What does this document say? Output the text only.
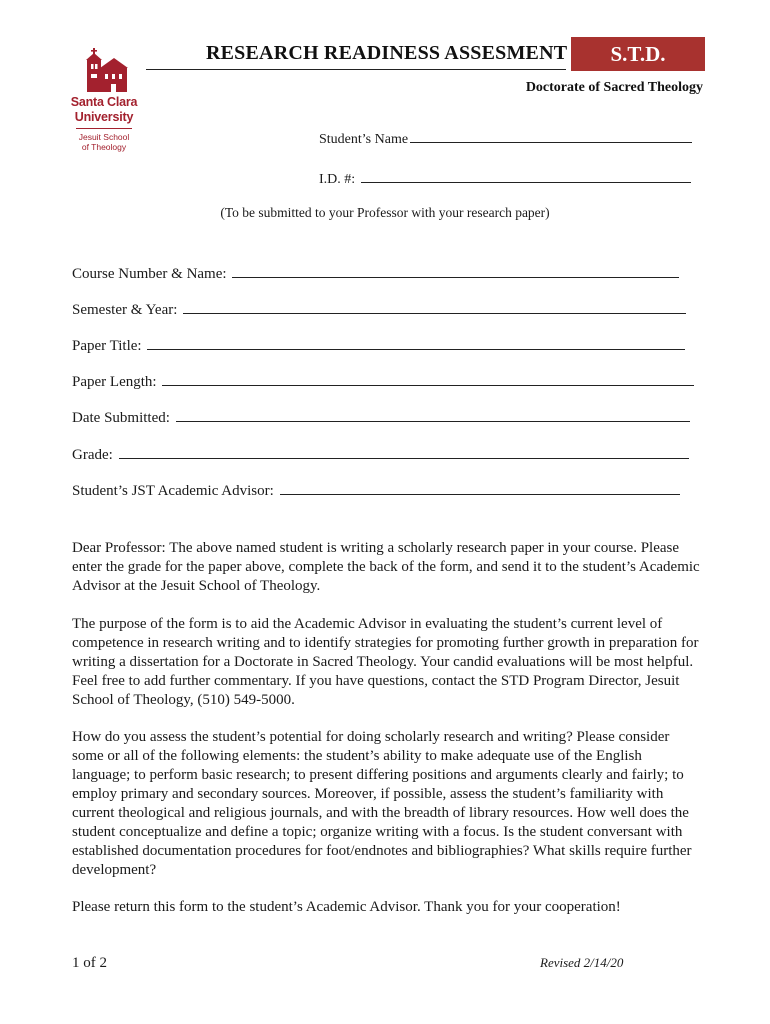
Santa Clara
University
Jesuit School
of Theology
RESEARCH READINESS ASSESMENT	S.T.D.
Doctorate of Sacred Theology
Student’s Name
I.D. #:
(To be submitted to your Professor with your research paper)
Course Number & Name:
Semester & Year:
Paper Title:
Paper Length:
Date Submitted:
Grade:
Student’s JST Academic Advisor:

Dear Professor: The above named student is writing a scholarly research paper in your course. Please enter the grade for the paper above, complete the back of the form, and send it to the student’s Academic Advisor at the Jesuit School of Theology.

The purpose of the form is to aid the Academic Advisor in evaluating the student’s current level of competence in research writing and to identify strategies for promoting further growth in preparation for writing a dissertation for a Doctorate in Sacred Theology. Your candid evaluations will be most helpful. Feel free to add further commentary. If you have questions, contact the STD Program Director, Jesuit School of Theology, (510) 549-5000.

How do you assess the student’s potential for doing scholarly research and writing? Please consider some or all of the following elements: the student’s ability to make adequate use of the English language; to perform basic research; to present differing positions and arguments clearly and fairly; to employ primary and secondary sources. Moreover, if possible, assess the student’s familiarity with current theological and religious journals, and with the breadth of library resources. How well does the student conceptualize and define a topic; organize writing with a focus. Is the student conversant with established documentation procedures for foot/endnotes and bibliographies? What skills require further development?

Please return this form to the student’s Academic Advisor. Thank you for your cooperation!

1 of 2	Revised 2/14/20
